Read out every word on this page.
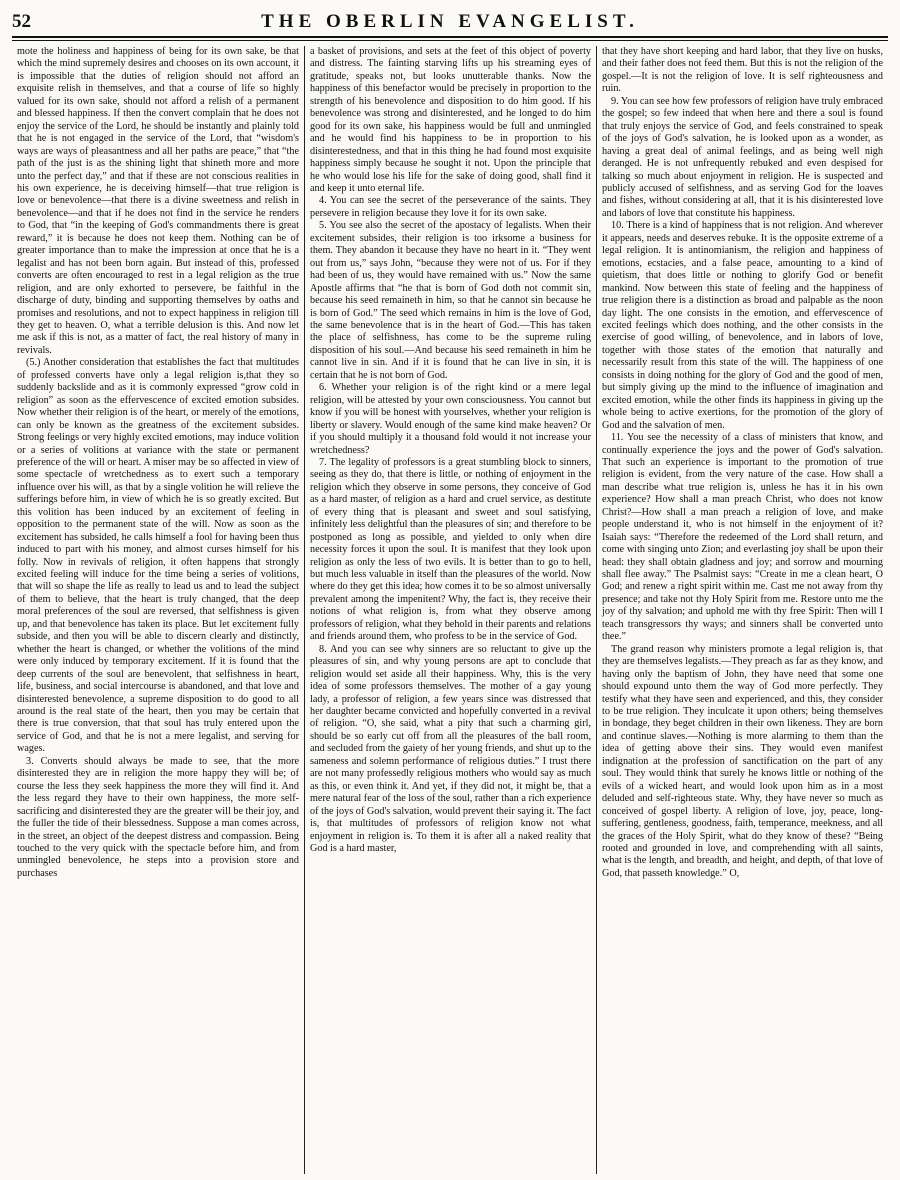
52	THE OBERLIN EVANGELIST.

mote the holiness and happiness of being for its own sake, be that which the mind supremely desires and chooses on its own account, it is impossible that the duties of religion should not afford an exquisite relish in themselves, and that a course of life so highly valued for its own sake, should not afford a relish of a permanent and blessed happiness. If then the convert complain that he does not enjoy the service of the Lord, he should be instantly and plainly told that he is not engaged in the service of the Lord, that “wisdom's ways are ways of pleasantness and all her paths are peace,” that “the path of the just is as the shining light that shineth more and more unto the perfect day,” and that if these are not conscious realities in his own experience, he is deceiving himself—that true religion is love or benevolence—that there is a divine sweetness and relish in benevolence—and that if he does not find in the service he renders to God, that “in the keeping of God's commandments there is great reward,” it is because he does not keep them. Nothing can be of greater importance than to make the impression at once that he is a legalist and has not been born again. But instead of this, professed converts are often encouraged to rest in a legal religion as the true religion, and are only exhorted to persevere, be faithful in the discharge of duty, binding and supporting themselves by oaths and promises and resolutions, and not to expect happiness in religion till they get to heaven. O, what a terrible delusion is this. And now let me ask if this is not, as a matter of fact, the real history of many in revivals.

(5.) Another consideration that establishes the fact that multitudes of professed converts have only a legal religion is,that they so suddenly backslide and as it is commonly expressed “grow cold in religion” as soon as the effervescence of excited emotion subsides. Now whether their religion is of the heart, or merely of the emotions, can only be known as the greatness of the excitement subsides. Strong feelings or very highly excited emotions, may induce volition or a series of volitions at variance with the state or permanent preference of the will or heart. A miser may be so affected in view of some spectacle of wretchedness as to exert such a temporary influence over his will, as that by a single volition he will relieve the sufferings before him, in view of which he is so greatly excited. But this volition has been induced by an excitement of feeling in opposition to the permanent state of the will. Now as soon as the excitement has subsided, he calls himself a fool for having been thus induced to part with his money, and almost curses himself for his folly. Now in revivals of religion, it often happens that strongly excited feeling will induce for the time being a series of volitions, that will so shape the life as really to lead us and to lead the subject of them to believe, that the heart is truly changed, that the deep moral preferences of the soul are reversed, that selfishness is given up, and that benevolence has taken its place. But let excitement fully subside, and then you will be able to discern clearly and distinctly, whether the heart is changed, or whether the volitions of the mind were only induced by temporary excitement. If it is found that the deep currents of the soul are benevolent, that selfishness in heart, life, business, and social intercourse is abandoned, and that love and disinterested benevolence, a supreme disposition to do good to all around is the real state of the heart, then you may be certain that there is true conversion, that that soul has truly entered upon the service of God, and that he is not a mere legalist, and serving for wages.

3. Converts should always be made to see, that the more disinterested they are in religion the more happy they will be; of course the less they seek happiness the more they will find it. And the less regard they have to their own happiness, the more self-sacrificing and disinterested they are the greater will be their joy, and the fuller the tide of their blessedness. Suppose a man comes across, in the street, an object of the deepest distress and compassion. Being touched to the very quick with the spectacle before him, and from unmingled benevolence, he steps into a provision store and purchases

a basket of provisions, and sets at the feet of this object of poverty and distress. The fainting starving lifts up his streaming eyes of gratitude, speaks not, but looks unutterable thanks. Now the happiness of this benefactor would be precisely in proportion to the strength of his benevolence and disposition to do him good. If his benevolence was strong and disinterested, and he longed to do him good for its own sake, his happiness would be full and unmingled and he would find his happiness to be in proportion to his disinterestedness, and that in this thing he had found most exquisite happiness simply because he sought it not. Upon the principle that he who would lose his life for the sake of doing good, shall find it and keep it unto eternal life.

4. You can see the secret of the perseverance of the saints. They persevere in religion because they love it for its own sake.

5. You see also the secret of the apostacy of legalists. When their excitement subsides, their religion is too irksome a business for them. They abandon it because they have no heart in it. “They went out from us,” says John, “because they were not of us. For if they had been of us, they would have remained with us.” Now the same Apostle affirms that “he that is born of God doth not commit sin, because his seed remaineth in him, so that he cannot sin because he is born of God.” The seed which remains in him is the love of God, the same benevolence that is in the heart of God.—This has taken the place of selfishness, has come to be the supreme ruling disposition of his soul.—And because his seed remaineth in him he cannot live in sin. And if it is found that he can live in sin, it is certain that he is not born of God.

6. Whether your religion is of the right kind or a mere legal religion, will be attested by your own consciousness. You cannot but know if you will be honest with yourselves, whether your religion is liberty or slavery. Would enough of the same kind make heaven? Or if you should multiply it a thousand fold would it not increase your wretchedness?

7. The legality of professors is a great stumbling block to sinners, seeing as they do, that there is little, or nothing of enjoyment in the religion which they observe in some persons, they conceive of God as a hard master, of religion as a hard and cruel service, as destitute of every thing that is pleasant and sweet and soul satisfying, infinitely less delightful than the pleasures of sin; and therefore to be postponed as long as possible, and yielded to only when dire necessity forces it upon the soul. It is manifest that they look upon religion as only the less of two evils. It is better than to go to hell, but much less valuable in itself than the pleasures of the world. Now where do they get this idea; how comes it to be so almost universally prevalent among the impenitent? Why, the fact is, they receive their notions of what religion is, from what they observe among professors of religion, what they behold in their parents and relations and friends around them, who profess to be in the service of God.

8. And you can see why sinners are so reluctant to give up the pleasures of sin, and why young persons are apt to conclude that religion would set aside all their happiness. Why, this is the very idea of some professors themselves. The mother of a gay young lady, a professor of religion, a few years since was distressed that her daughter became convicted and hopefully converted in a revival of religion. “O, she said, what a pity that such a charming girl, should be so early cut off from all the pleasures of the ball room, and secluded from the gaiety of her young friends, and shut up to the sameness and solemn performance of religious duties.” I trust there are not many professedly religious mothers who would say as much as this, or even think it. And yet, if they did not, it might be, that a mere natural fear of the loss of the soul, rather than a rich experience of the joys of God's salvation, would prevent their saying it. The fact is, that multitudes of professors of religion know not what enjoyment in religion is. To them it is after all a naked reality that God is a hard master,

that they have short keeping and hard labor, that they live on husks, and their father does not feed them. But this is not the religion of the gospel.—It is not the religion of love. It is self righteousness and ruin.

9. You can see how few professors of religion have truly embraced the gospel; so few indeed that when here and there a soul is found that truly enjoys the service of God, and feels constrained to speak of the joys of God's salvation, he is looked upon as a wonder, as having a great deal of animal feelings, and as being well nigh deranged. He is not unfrequently rebuked and even despised for talking so much about enjoyment in religion. He is suspected and publicly accused of selfishness, and as serving God for the loaves and fishes, without considering at all, that it is his disinterested love and labors of love that constitute his happiness.

10. There is a kind of happiness that is not religion. And wherever it appears, needs and deserves rebuke. It is the opposite extreme of a legal religion. It is antinomianism, the religion and happiness of emotions, ecstacies, and a false peace, amounting to a kind of quietism, that does little or nothing to glorify God or benefit mankind. Now between this state of feeling and the happiness of true religion there is a distinction as broad and palpable as the noon day light. The one consists in the emotion, and effervescence of excited feelings which does nothing, and the other consists in the exercise of good willing, of benevolence, and in labors of love, together with those states of the emotion that naturally and necessarily result from this state of the will. The happiness of one consists in doing nothing for the glory of God and the good of men, but simply giving up the mind to the influence of imagination and excited emotion, while the other finds its happiness in giving up the whole being to active exertions, for the promotion of the glory of God and the salvation of men.

11. You see the necessity of a class of ministers that know, and continually experience the joys and the power of God's salvation. That such an experience is important to the promotion of true religion is evident, from the very nature of the case. How shall a man describe what true religion is, unless he has it in his own experience? How shall a man preach Christ, who does not know Christ?—How shall a man preach a religion of love, and make people understand it, who is not himself in the enjoyment of it? Isaiah says: “Therefore the redeemed of the Lord shall return, and come with singing unto Zion; and everlasting joy shall be upon their head: they shall obtain gladness and joy; and sorrow and mourning shall flee away.” The Psalmist says: “Create in me a clean heart, O God; and renew a right spirit within me. Cast me not away from thy presence; and take not thy Holy Spirit from me. Restore unto me the joy of thy salvation; and uphold me with thy free Spirit: Then will I teach transgressors thy ways; and sinners shall be converted unto thee.”

The grand reason why ministers promote a legal religion is, that they are themselves legalists.—They preach as far as they know, and having only the baptism of John, they have need that some one should expound unto them the way of God more perfectly. They testify what they have seen and experienced, and this, they consider to be true religion. They inculcate it upon others; being themselves in bondage, they beget children in their own likeness. They are born and continue slaves.—Nothing is more alarming to them than the idea of getting above their sins. They would even manifest indignation at the profession of sanctification on the part of any soul. They would think that surely he knows little or nothing of the evils of a wicked heart, and would look upon him as in a most deluded and self-righteous state. Why, they have never so much as conceived of gospel liberty. A religion of love, joy, peace, long-suffering, gentleness, goodness, faith, temperance, meekness, and all the graces of the Holy Spirit, what do they know of these? “Being rooted and grounded in love, and comprehending with all saints, what is the length, and breadth, and height, and depth, of that love of God, that passeth knowledge.” O,
